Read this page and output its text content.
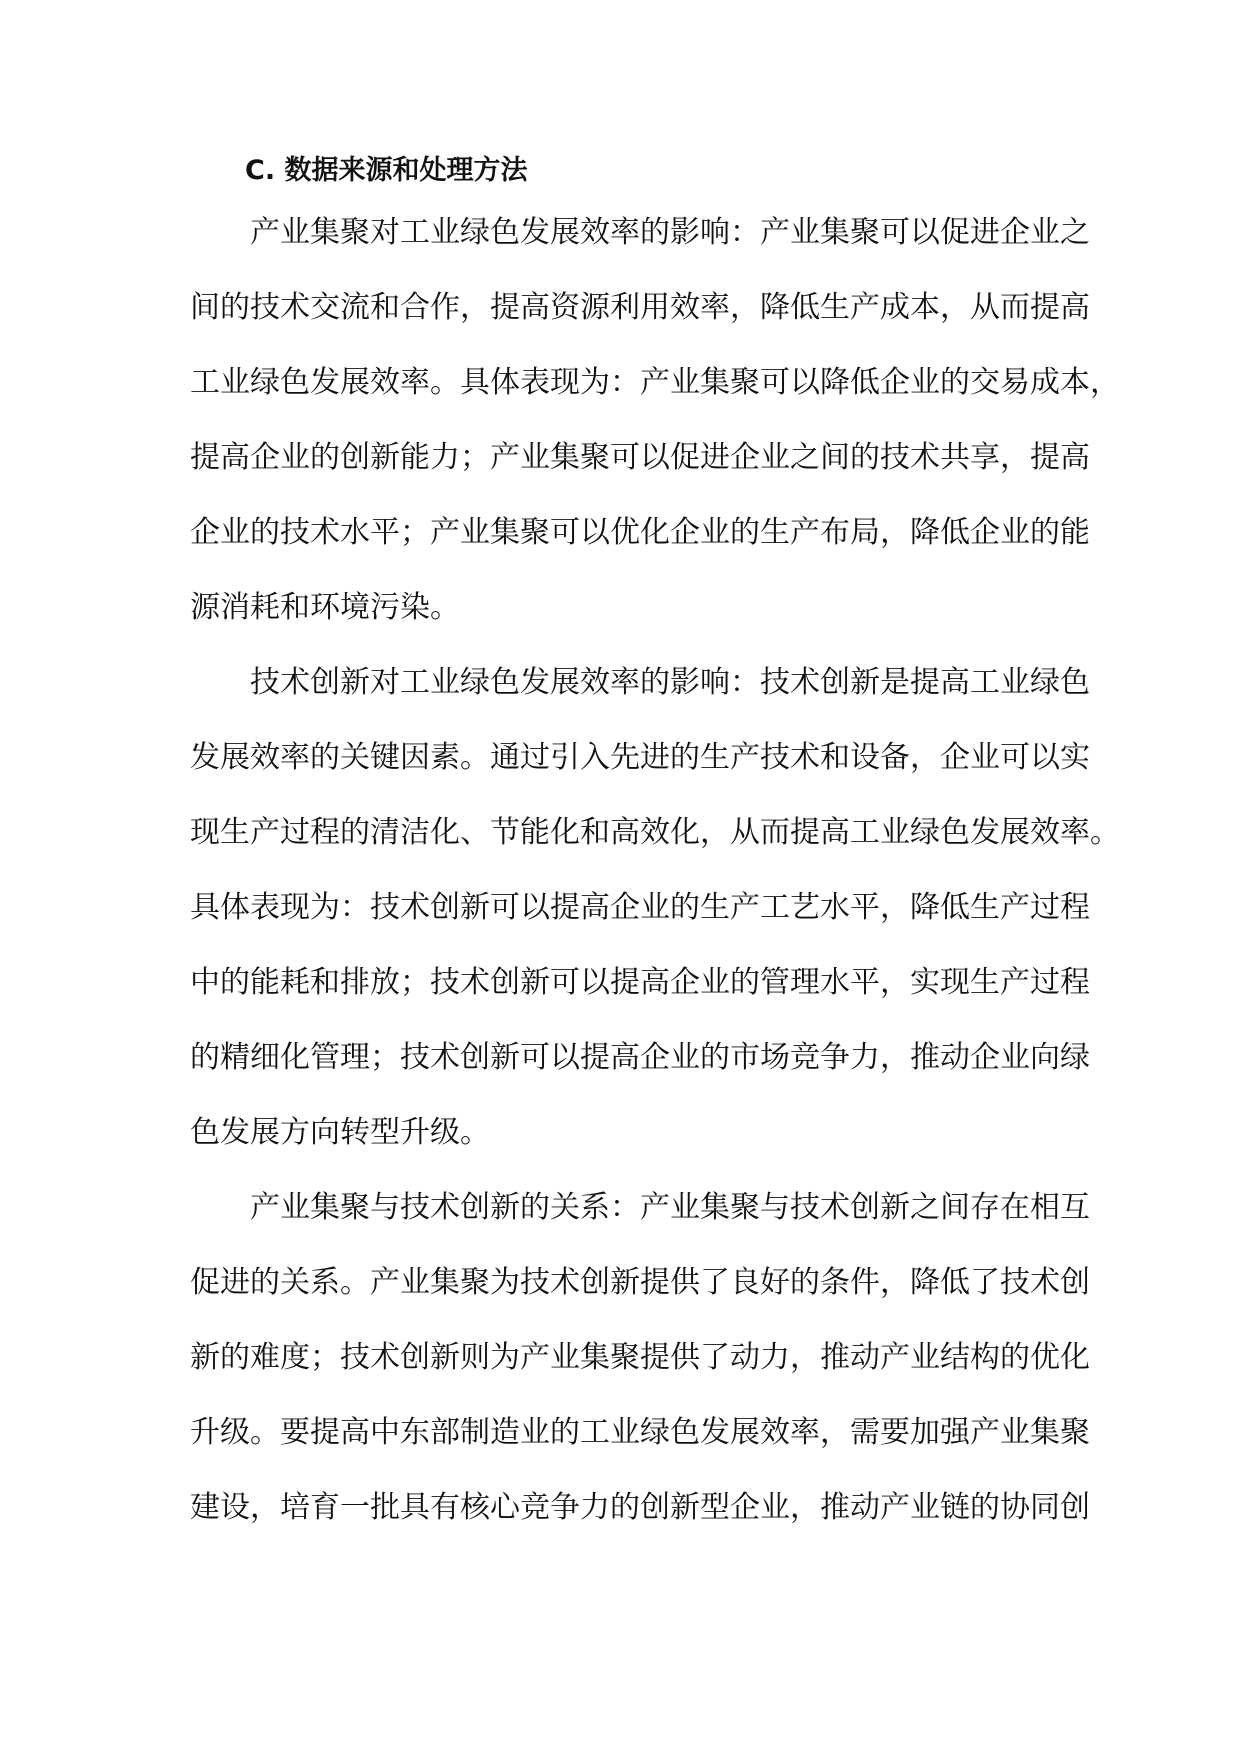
C. 数据来源和处理方法
产业集聚对工业绿色发展效率的影响：产业集聚可以促进企业之
间的技术交流和合作，提高资源利用效率，降低生产成本，从而提高
工业绿色发展效率。具体表现为：产业集聚可以降低企业的交易成本，
提高企业的创新能力；产业集聚可以促进企业之间的技术共享，提高
企业的技术水平；产业集聚可以优化企业的生产布局，降低企业的能
源消耗和环境污染。
技术创新对工业绿色发展效率的影响：技术创新是提高工业绿色
发展效率的关键因素。通过引入先进的生产技术和设备，企业可以实
现生产过程的清洁化、节能化和高效化，从而提高工业绿色发展效率。
具体表现为：技术创新可以提高企业的生产工艺水平，降低生产过程
中的能耗和排放；技术创新可以提高企业的管理水平，实现生产过程
的精细化管理；技术创新可以提高企业的市场竞争力，推动企业向绿
色发展方向转型升级。
产业集聚与技术创新的关系：产业集聚与技术创新之间存在相互
促进的关系。产业集聚为技术创新提供了良好的条件，降低了技术创
新的难度；技术创新则为产业集聚提供了动力，推动产业结构的优化
升级。要提高中东部制造业的工业绿色发展效率，需要加强产业集聚
建设，培育一批具有核心竞争力的创新型企业，推动产业链的协同创
